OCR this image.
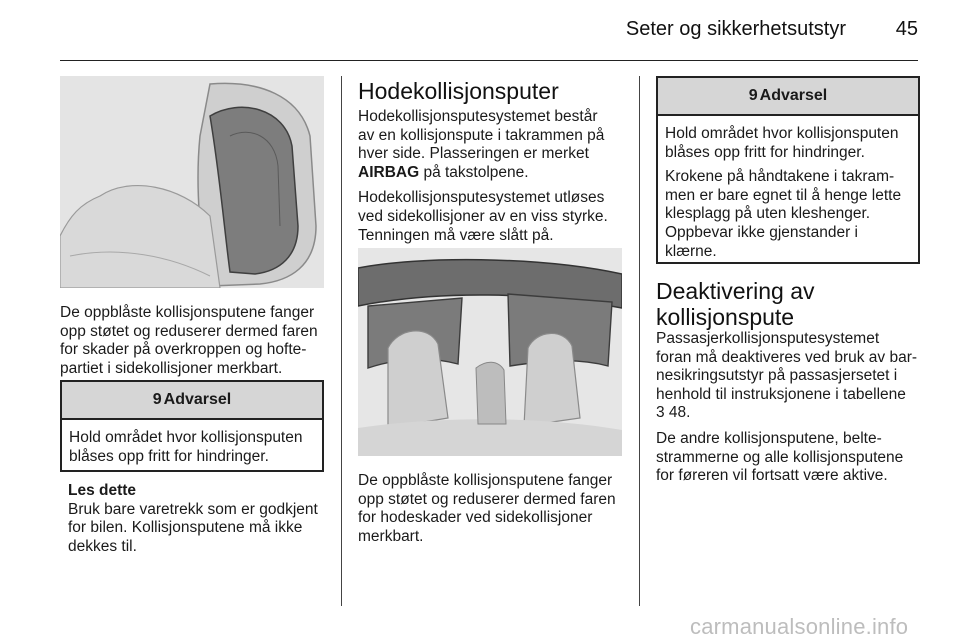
Seter og sikkerhetsutstyr	45
De oppblåste kollisjonsputene fanger
opp støtet og reduserer dermed faren
for skader på overkroppen og hofte-
partiet i sidekollisjoner merkbart.
9 Advarsel
Hold området hvor kollisjonsputen
blåses opp fritt for hindringer.
Les dette
Bruk bare varetrekk som er godkjent
for bilen. Kollisjonsputene må ikke
dekkes til.
Hodekollisjonsputer

Hodekollisjonsputesystemet består
av en kollisjonspute i takrammen på
hver side. Plasseringen er merket
AIRBAG på takstolpene.

Hodekollisjonsputesystemet utløses
ved sidekollisjoner av en viss styrke.
Tenningen må være slått på.

De oppblåste kollisjonsputene fanger
opp støtet og reduserer dermed faren
for hodeskader ved sidekollisjoner
merkbart.
9 Advarsel

Hold området hvor kollisjonsputen
blåses opp fritt for hindringer.

Krokene på håndtakene i takram-
men er bare egnet til å henge lette
klesplagg på uten kleshenger.
Oppbevar ikke gjenstander i
klærne.

Deaktivering av
kollisjonspute

Passasjerkollisjonsputesystemet
foran må deaktiveres ved bruk av bar-
nesikringsutstyr på passasjersetet i
henhold til instruksjonene i tabellene
3 48.

De andre kollisjonsputene, belte-
strammerne og alle kollisjonsputene
for føreren vil fortsatt være aktive.

carmanualsonline.info
